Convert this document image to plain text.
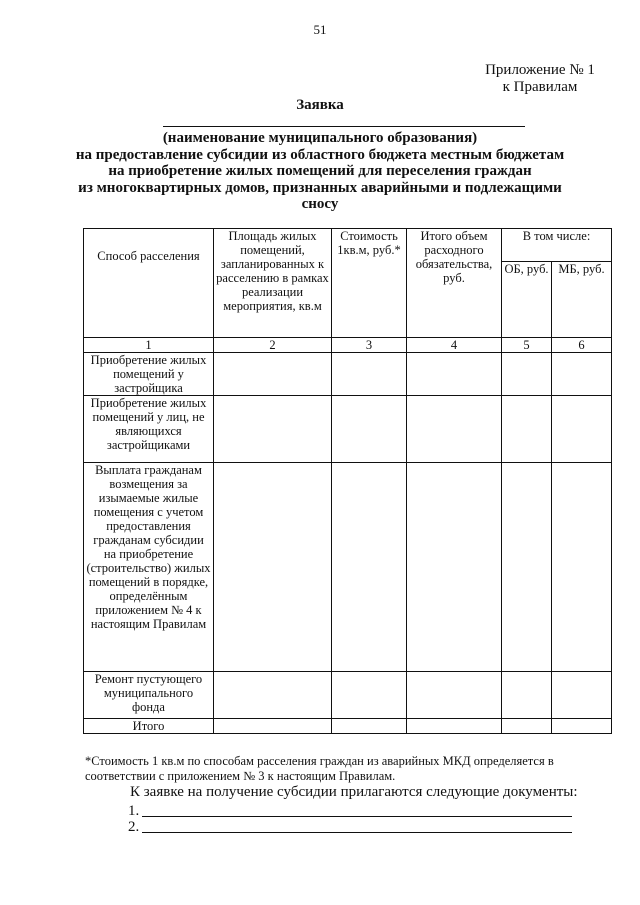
51
Приложение № 1
к Правилам
Заявка
(наименование муниципального образования)
на предоставление субсидии из областного бюджета местным бюджетам
на приобретение жилых помещений для переселения граждан
из многоквартирных домов, признанных аварийными и подлежащими
сносу
Способ расселения	Площадь жилых помещений, запланированных к расселению в рамках реализации мероприятия, кв.м	Стоимость 1кв.м, руб.*	Итого объем расходного обязательства, руб.	В том числе:	
				ОБ, руб.	МБ, руб.
1	2	3	4	5	6
Приобретение жилых помещений у застройщика					
Приобретение жилых помещений у лиц, не являющихся застройщиками					
Выплата гражданам возмещения за изымаемые жилые помещения с учетом предоставления гражданам субсидии на приобретение (строительство) жилых помещений в порядке, определённым приложением № 4 к настоящим Правилам					
Ремонт пустующего муниципального фонда					
Итого					
*Стоимость 1 кв.м по способам расселения граждан из аварийных МКД определяется в соответствии с приложением № 3 к настоящим Правилам.
К заявке на получение субсидии прилагаются следующие документы:
1.
2.
